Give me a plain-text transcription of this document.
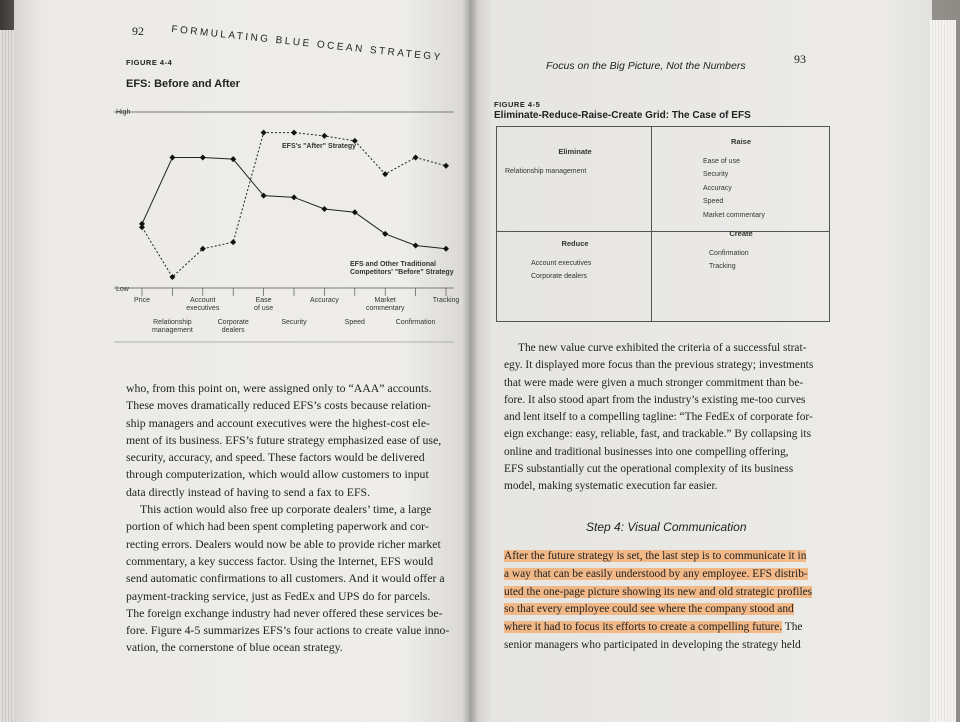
92	FORMULATING BLUE OCEAN STRATEGY
FIGURE 4-4
EFS: Before and After
High
Low
Price
Relationship management
Account executives
Corporate dealers
Ease of use
Security
Accuracy
Speed
Market commentary
Confirmation
Tracking
EFS's "After" Strategy
EFS and Other Traditional Competitors' "Before" Strategy
who, from this point on, were assigned only to “AAA” accounts.
These moves dramatically reduced EFS’s costs because relation-
ship managers and account executives were the highest-cost ele-
ment of its business. EFS’s future strategy emphasized ease of use,
security, accuracy, and speed. These factors would be delivered
through computerization, which would allow customers to input
data directly instead of having to send a fax to EFS.
This action would also free up corporate dealers’ time, a large
portion of which had been spent completing paperwork and cor-
recting errors. Dealers would now be able to provide richer market
commentary, a key success factor. Using the Internet, EFS would
send automatic confirmations to all customers. And it would offer a
payment-tracking service, just as FedEx and UPS do for parcels.
The foreign exchange industry had never offered these services be-
fore. Figure 4-5 summarizes EFS’s four actions to create value inno-
vation, the cornerstone of blue ocean strategy.
Focus on the Big Picture, Not the Numbers	93
FIGURE 4-5
Eliminate-Reduce-Raise-Create Grid: The Case of EFS
Eliminate
Relationship management
Raise
Ease of use
Security
Accuracy
Speed
Market commentary
Reduce
Account executives
Corporate dealers
Create
Confirmation
Tracking
The new value curve exhibited the criteria of a successful strat-
egy. It displayed more focus than the previous strategy; investments
that were made were given a much stronger commitment than be-
fore. It also stood apart from the industry’s existing me-too curves
and lent itself to a compelling tagline: “The FedEx of corporate for-
eign exchange: easy, reliable, fast, and trackable.” By collapsing its
online and traditional businesses into one compelling offering,
EFS substantially cut the operational complexity of its business
model, making systematic execution far easier.
Step 4: Visual Communication
After the future strategy is set, the last step is to communicate it in
a way that can be easily understood by any employee. EFS distrib-
uted the one-page picture showing its new and old strategic profiles
so that every employee could see where the company stood and
where it had to focus its efforts to create a compelling future. The
senior managers who participated in developing the strategy held
